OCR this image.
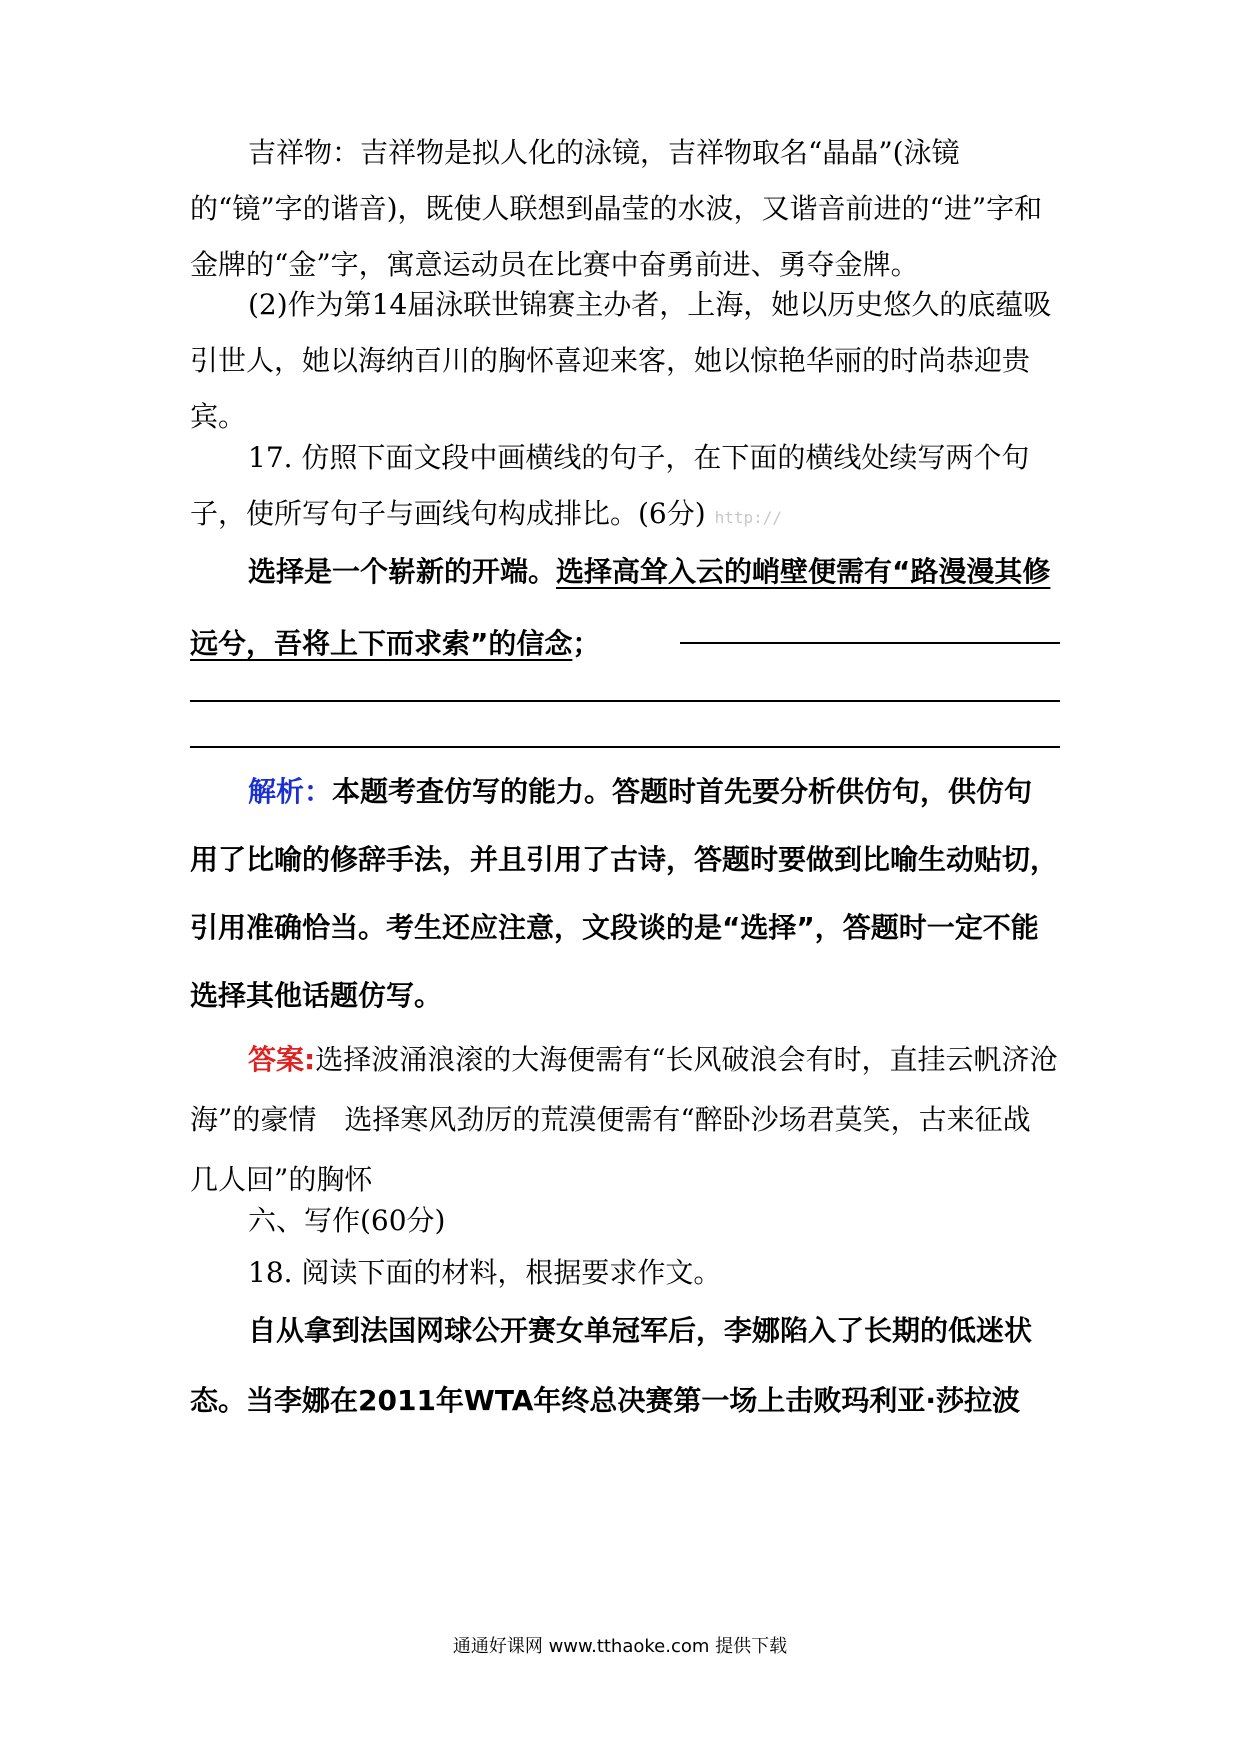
吉祥物：吉祥物是拟人化的泳镜，吉祥物取名“晶晶”(泳镜的“镜”字的谐音)，既使人联想到晶莹的水波，又谐音前进的“进”字和金牌的“金”字，寓意运动员在比赛中奋勇前进、勇夺金牌。

(2)作为第14届泳联世锦赛主办者，上海，她以历史悠久的底蕴吸引世人，她以海纳百川的胸怀喜迎来客，她以惊艳华丽的时尚恭迎贵宾。

17. 仿照下面文段中画横线的句子，在下面的横线处续写两个句子，使所写句子与画线句构成排比。(6分) http://

选择是一个崭新的开端。选择高耸入云的峭壁便需有“路漫漫其修远兮，吾将上下而求索”的信念；

解析：本题考查仿写的能力。答题时首先要分析供仿句，供仿句用了比喻的修辞手法，并且引用了古诗，答题时要做到比喻生动贴切，引用准确恰当。考生还应注意，文段谈的是“选择”，答题时一定不能选择其他话题仿写。

答案:选择波涌浪滚的大海便需有“长风破浪会有时，直挂云帆济沧海”的豪情　选择寒风劲厉的荒漠便需有“醉卧沙场君莫笑，古来征战几人回”的胸怀

六、写作(60分)

18. 阅读下面的材料，根据要求作文。

自从拿到法国网球公开赛女单冠军后，李娜陷入了长期的低迷状态。当李娜在2011年WTA年终总决赛第一场上击败玛利亚·莎拉波

通通好课网 www.tthaoke.com 提供下载
